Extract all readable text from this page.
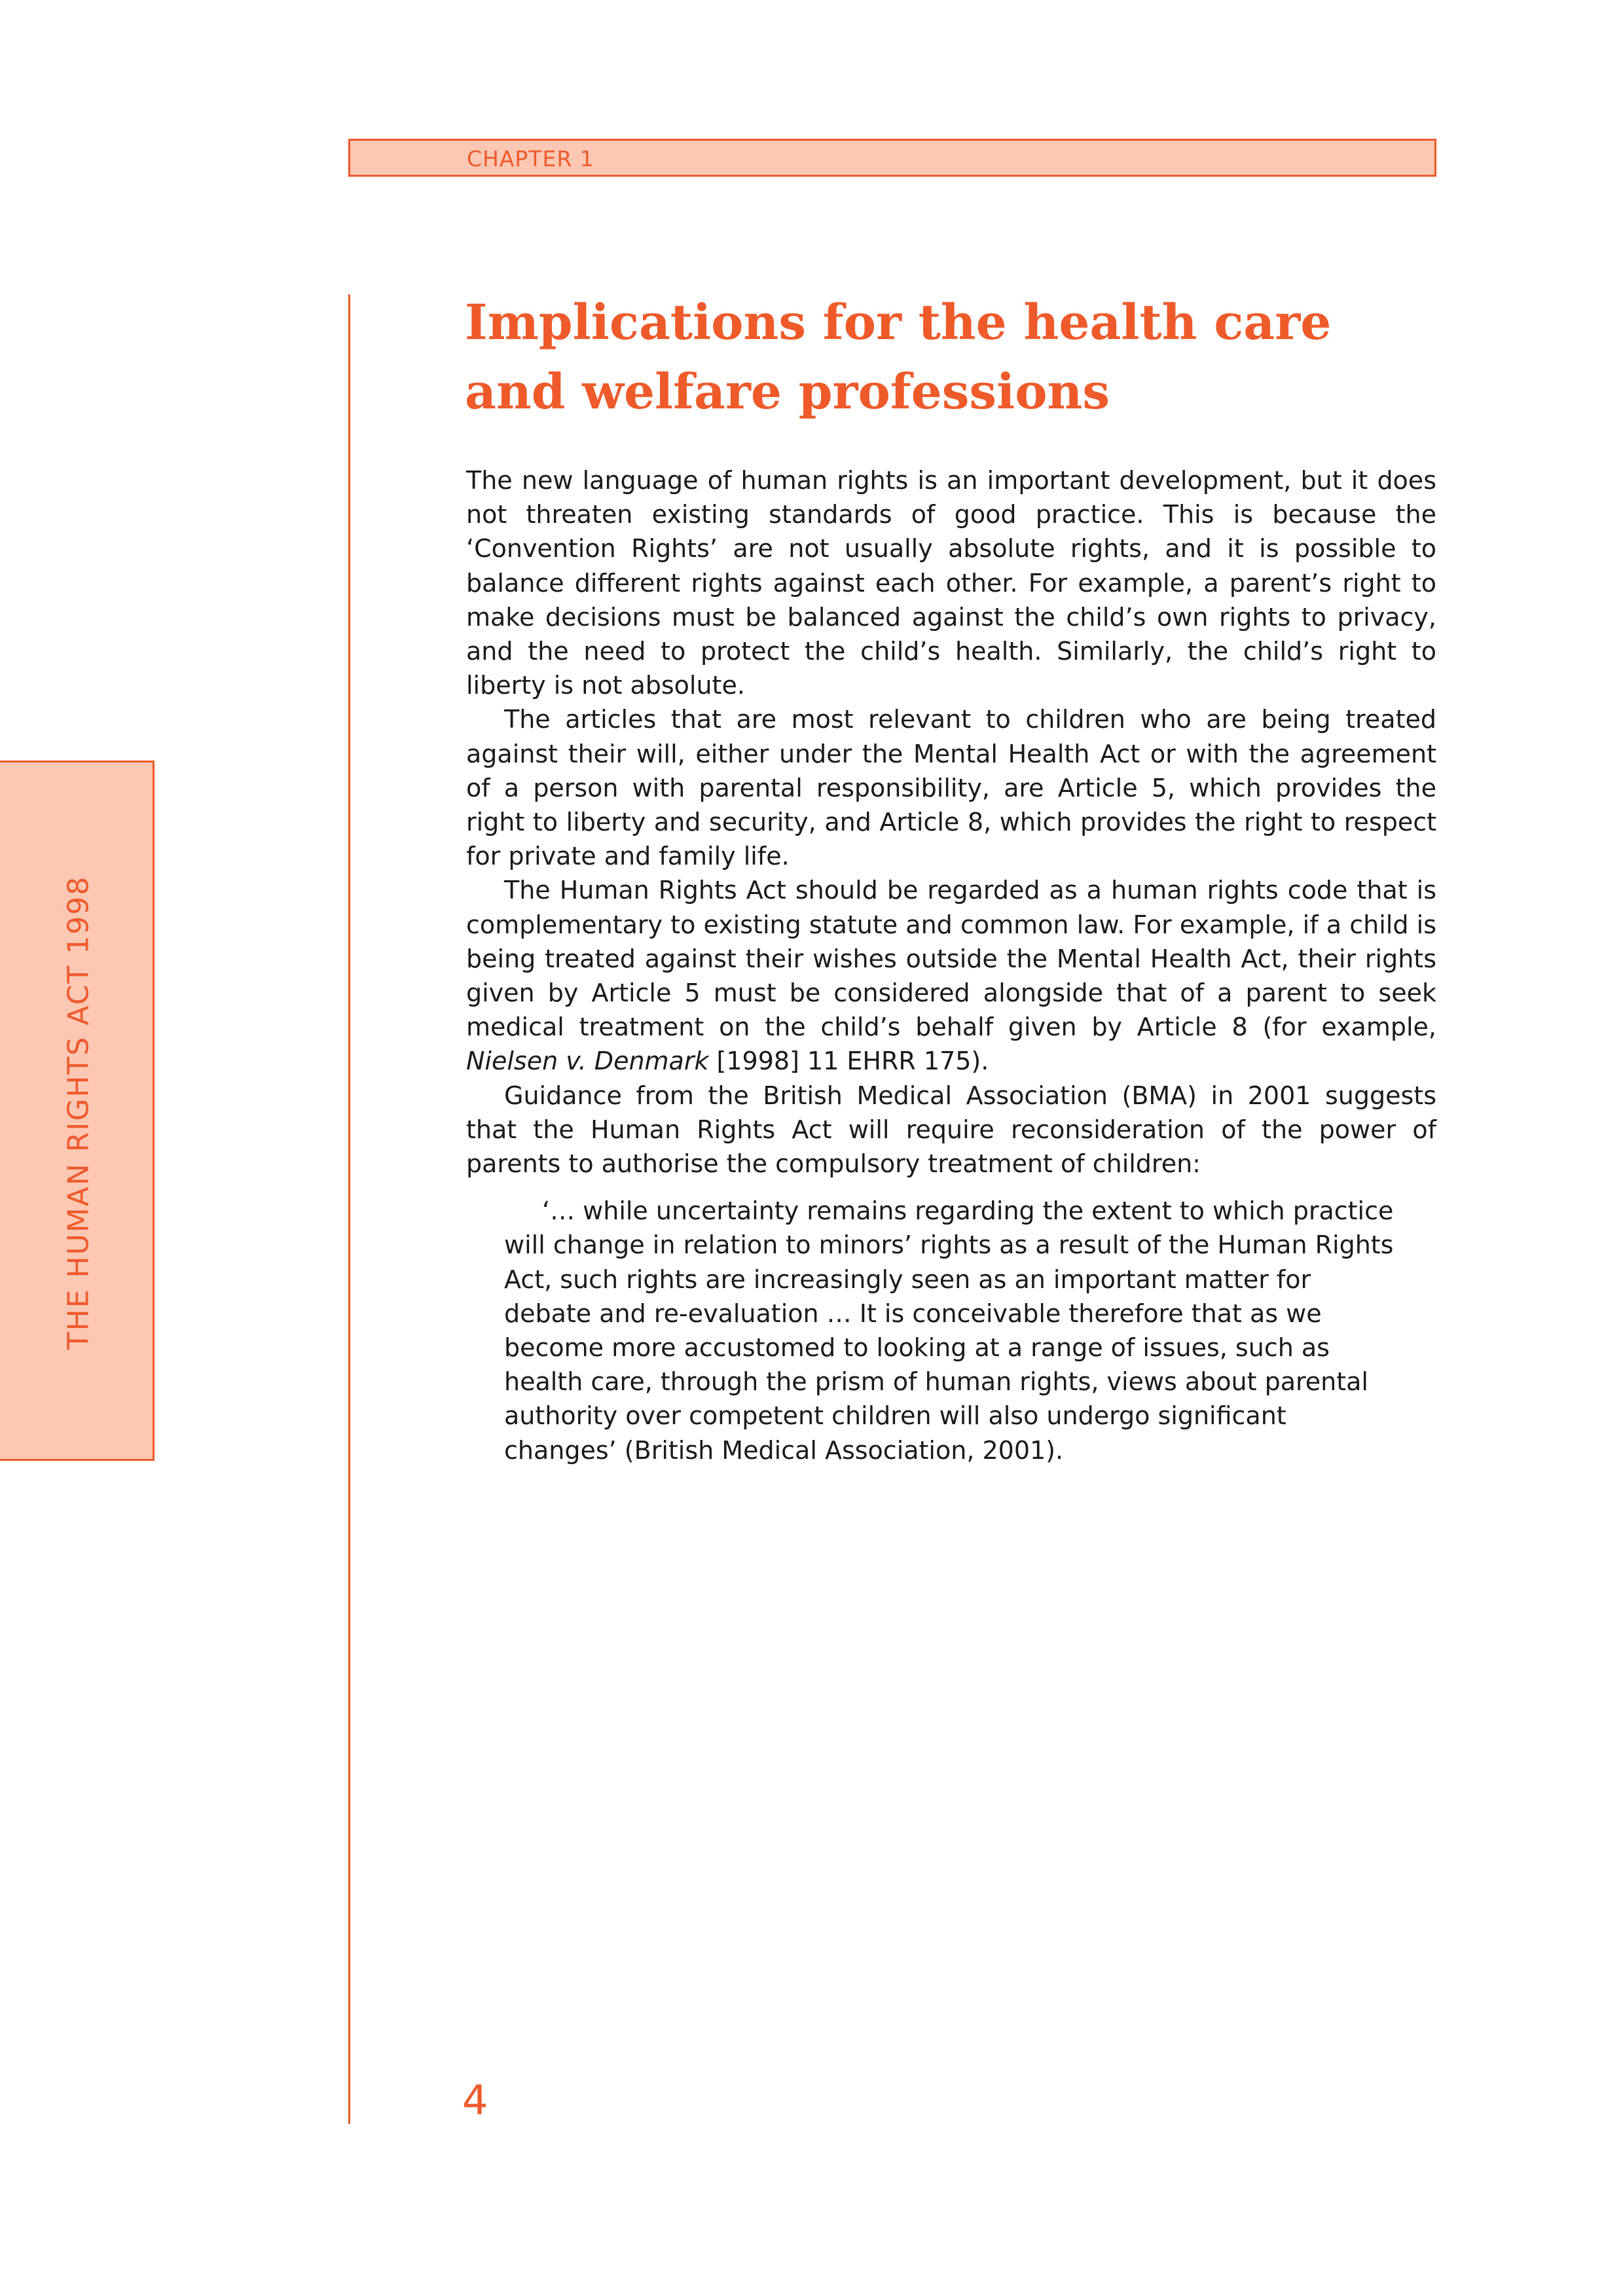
CHAPTER 1
THE HUMAN RIGHTS ACT 1998
Implications for the health care
and welfare professions

The new language of human rights is an important development, but it does not threaten existing standards of good practice. This is because the ‘Convention Rights’ are not usually absolute rights, and it is possible to balance different rights against each other. For example, a parent’s right to make decisions must be balanced against the child’s own rights to privacy, and the need to protect the child’s health. Similarly, the child’s right to liberty is not absolute.

The articles that are most relevant to children who are being treated against their will, either under the Mental Health Act or with the agreement of a person with parental responsibility, are Article 5, which provides the right to liberty and security, and Article 8, which provides the right to respect for private and family life.

The Human Rights Act should be regarded as a human rights code that is complementary to existing statute and common law. For example, if a child is being treated against their wishes outside the Mental Health Act, their rights given by Article 5 must be considered alongside that of a parent to seek medical treatment on the child’s behalf given by Article 8 (for example, Nielsen v. Denmark [1998] 11 EHRR 175).

Guidance from the British Medical Association (BMA) in 2001 suggests that the Human Rights Act will require reconsideration of the power of parents to authorise the compulsory treatment of children:

‘… while uncertainty remains regarding the extent to which practice will change in relation to minors’ rights as a result of the Human Rights Act, such rights are increasingly seen as an important matter for debate and re-evaluation … It is conceivable therefore that as we become more accustomed to looking at a range of issues, such as health care, through the prism of human rights, views about parental authority over competent children will also undergo significant changes’ (British Medical Association, 2001).
4
